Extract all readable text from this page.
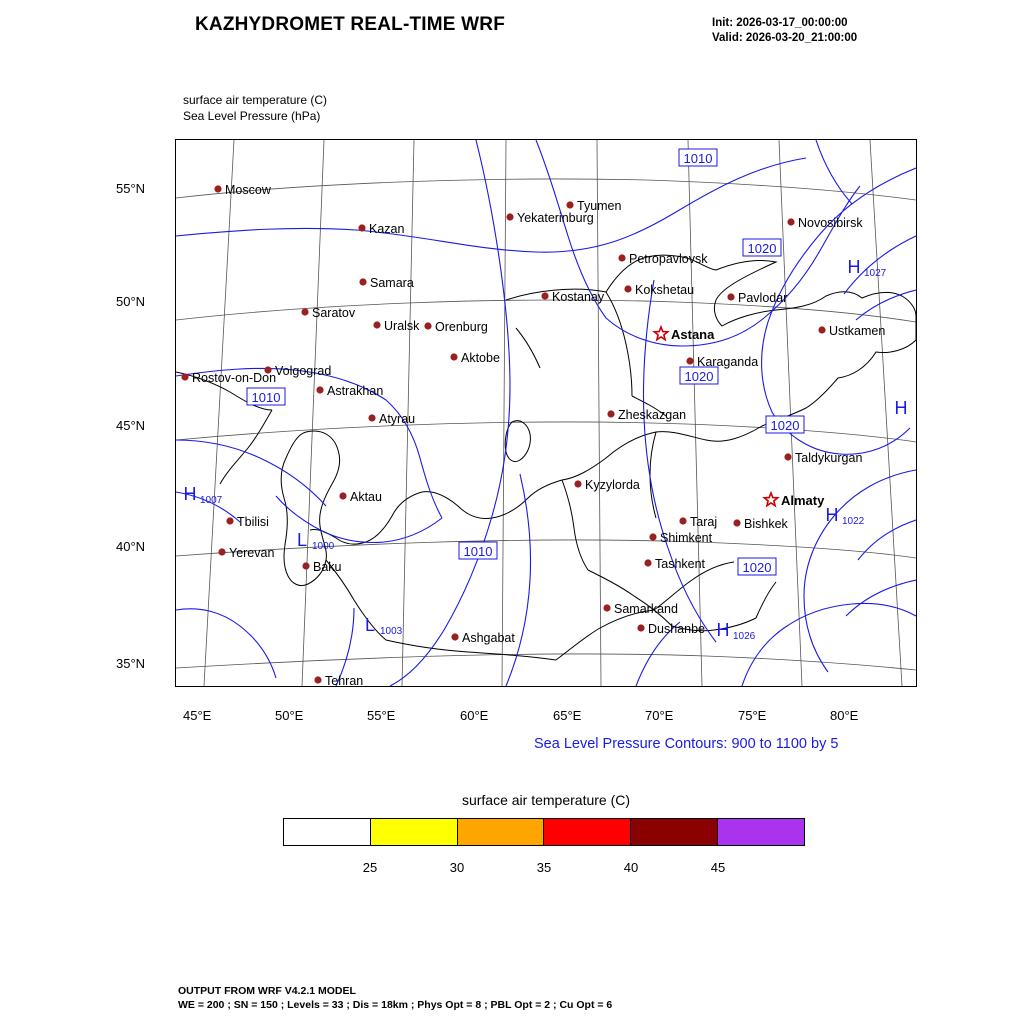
KAZHYDROMET REAL-TIME WRF	Init: 2026-03-17_00:00:00
Valid: 2026-03-20_21:00:00
surface air temperature (C)
Sea Level Pressure (hPa)
1010
1020
1020
1010
1020
1010
1020
H 1027
H
H 1007
H 1022
H 1026
L 1000
L 1003
Moscow
Kazan
Yekaterinburg
Tyumen
Novosibirsk
Samara
Petropavlovsk
Kostanay Kokshetau
Pavlodar
Saratov
Uralsk Orenburg	Astana	Ustkamen
Aktobe	Karaganda
Volgograd
Rostov-on-Don
Astrakhan
Atyrau	Zheskazgan
Taldykurgan
Kyzylorda
Aktau	Almaty
Taraj Bishkek
Shimkent
Tbilisi
Tashkent
Yerevan
Baku
Samarkand
Dushanbe
Ashgabat
Tehran
55°N
50°N
45°N
40°N
35°N
45°E	50°E	55°E	60°E	65°E	70°E	75°E	80°E
Sea Level Pressure Contours: 900 to 1100 by 5
surface air temperature (C)
25	30	35	40	45
OUTPUT FROM WRF V4.2.1 MODEL
WE = 200 ; SN = 150 ; Levels = 33 ; Dis = 18km ; Phys Opt = 8 ; PBL Opt = 2 ; Cu Opt = 6
